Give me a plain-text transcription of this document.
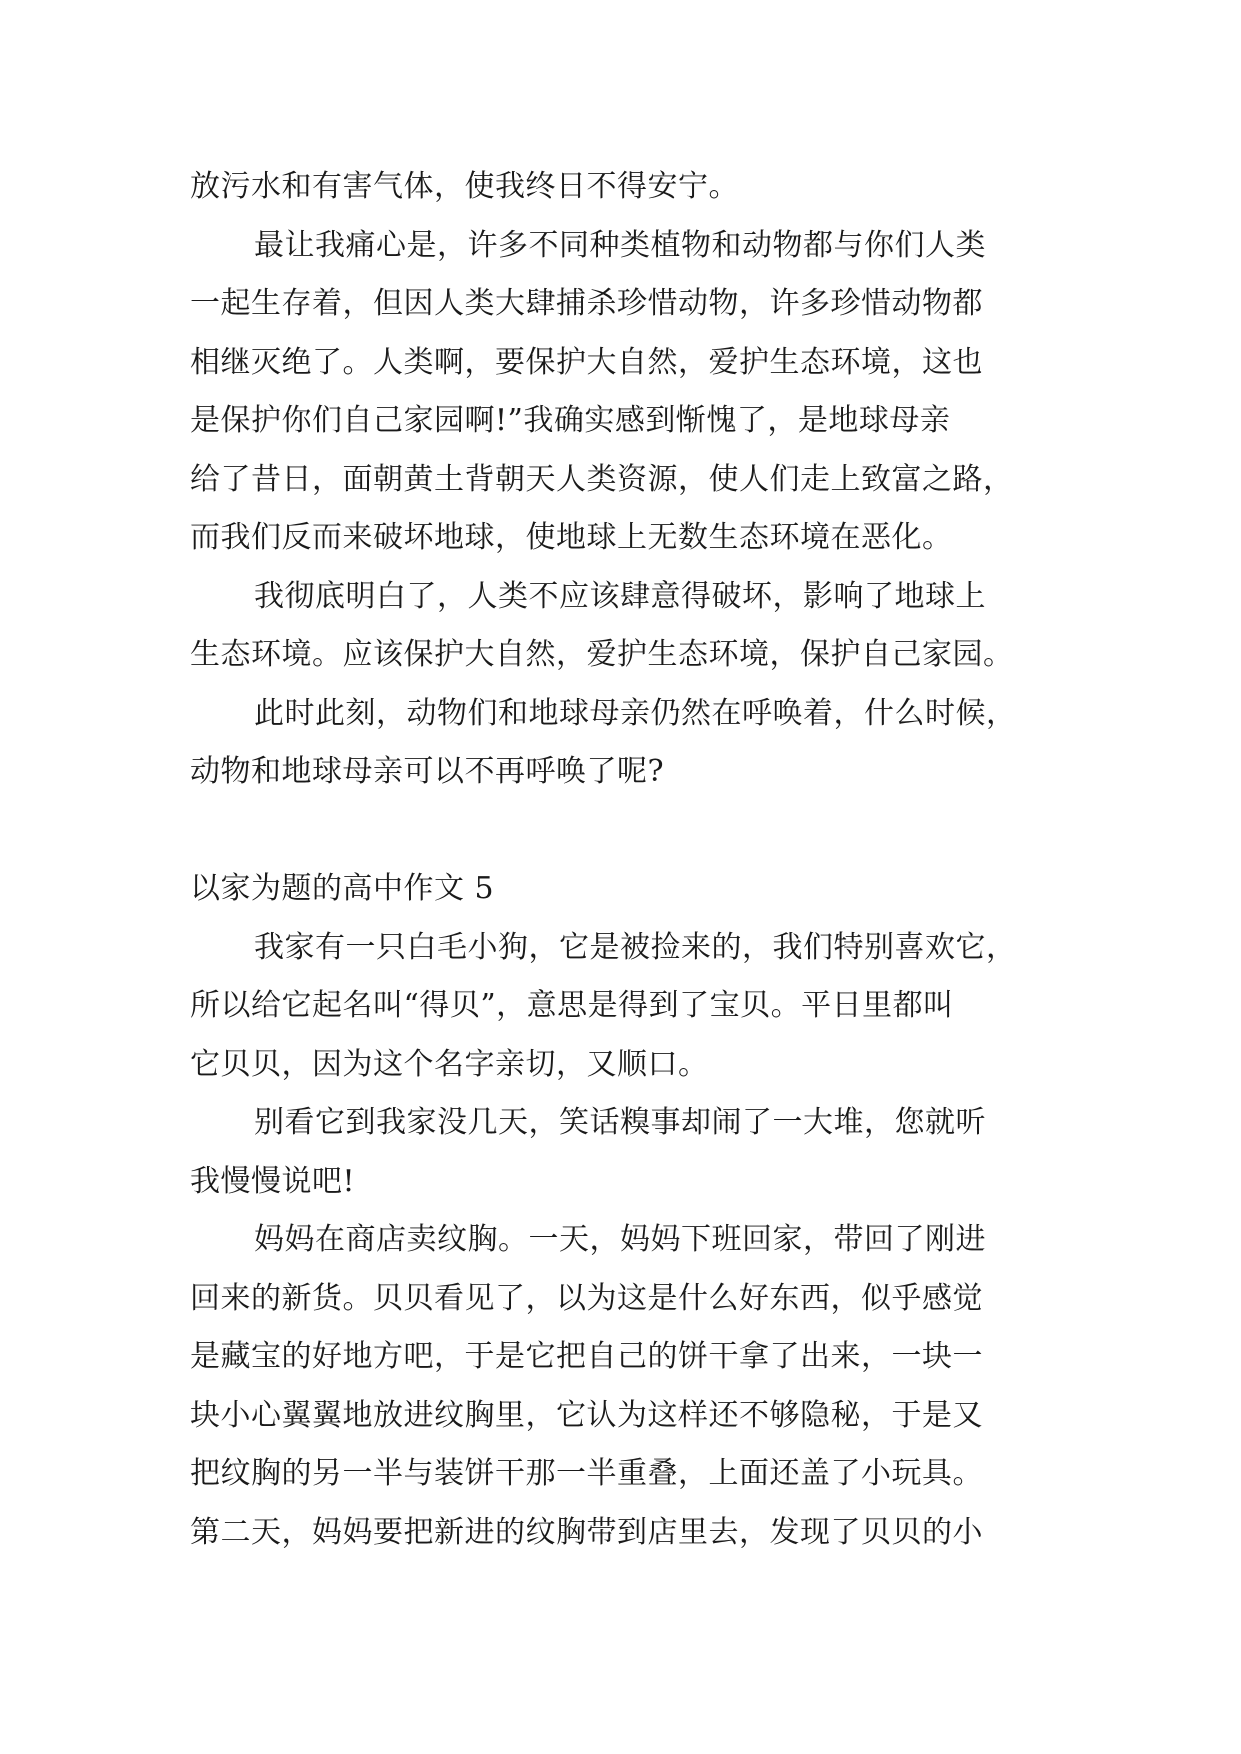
放污水和有害气体，使我终日不得安宁。
最让我痛心是，许多不同种类植物和动物都与你们人类
一起生存着，但因人类大肆捕杀珍惜动物，许多珍惜动物都
相继灭绝了。人类啊，要保护大自然，爱护生态环境，这也
是保护你们自己家园啊!”我确实感到惭愧了，是地球母亲
给了昔日，面朝黄土背朝天人类资源，使人们走上致富之路，
而我们反而来破坏地球，使地球上无数生态环境在恶化。
我彻底明白了，人类不应该肆意得破坏，影响了地球上
生态环境。应该保护大自然，爱护生态环境，保护自己家园。
此时此刻，动物们和地球母亲仍然在呼唤着，什么时候，
动物和地球母亲可以不再呼唤了呢?
以家为题的高中作文 5
我家有一只白毛小狗，它是被捡来的，我们特别喜欢它，
所以给它起名叫“得贝”，意思是得到了宝贝。平日里都叫
它贝贝，因为这个名字亲切，又顺口。
别看它到我家没几天，笑话糗事却闹了一大堆，您就听
我慢慢说吧!
妈妈在商店卖纹胸。一天，妈妈下班回家，带回了刚进
回来的新货。贝贝看见了，以为这是什么好东西，似乎感觉
是藏宝的好地方吧，于是它把自己的饼干拿了出来，一块一
块小心翼翼地放进纹胸里，它认为这样还不够隐秘，于是又
把纹胸的另一半与装饼干那一半重叠，上面还盖了小玩具。
第二天，妈妈要把新进的纹胸带到店里去，发现了贝贝的小
